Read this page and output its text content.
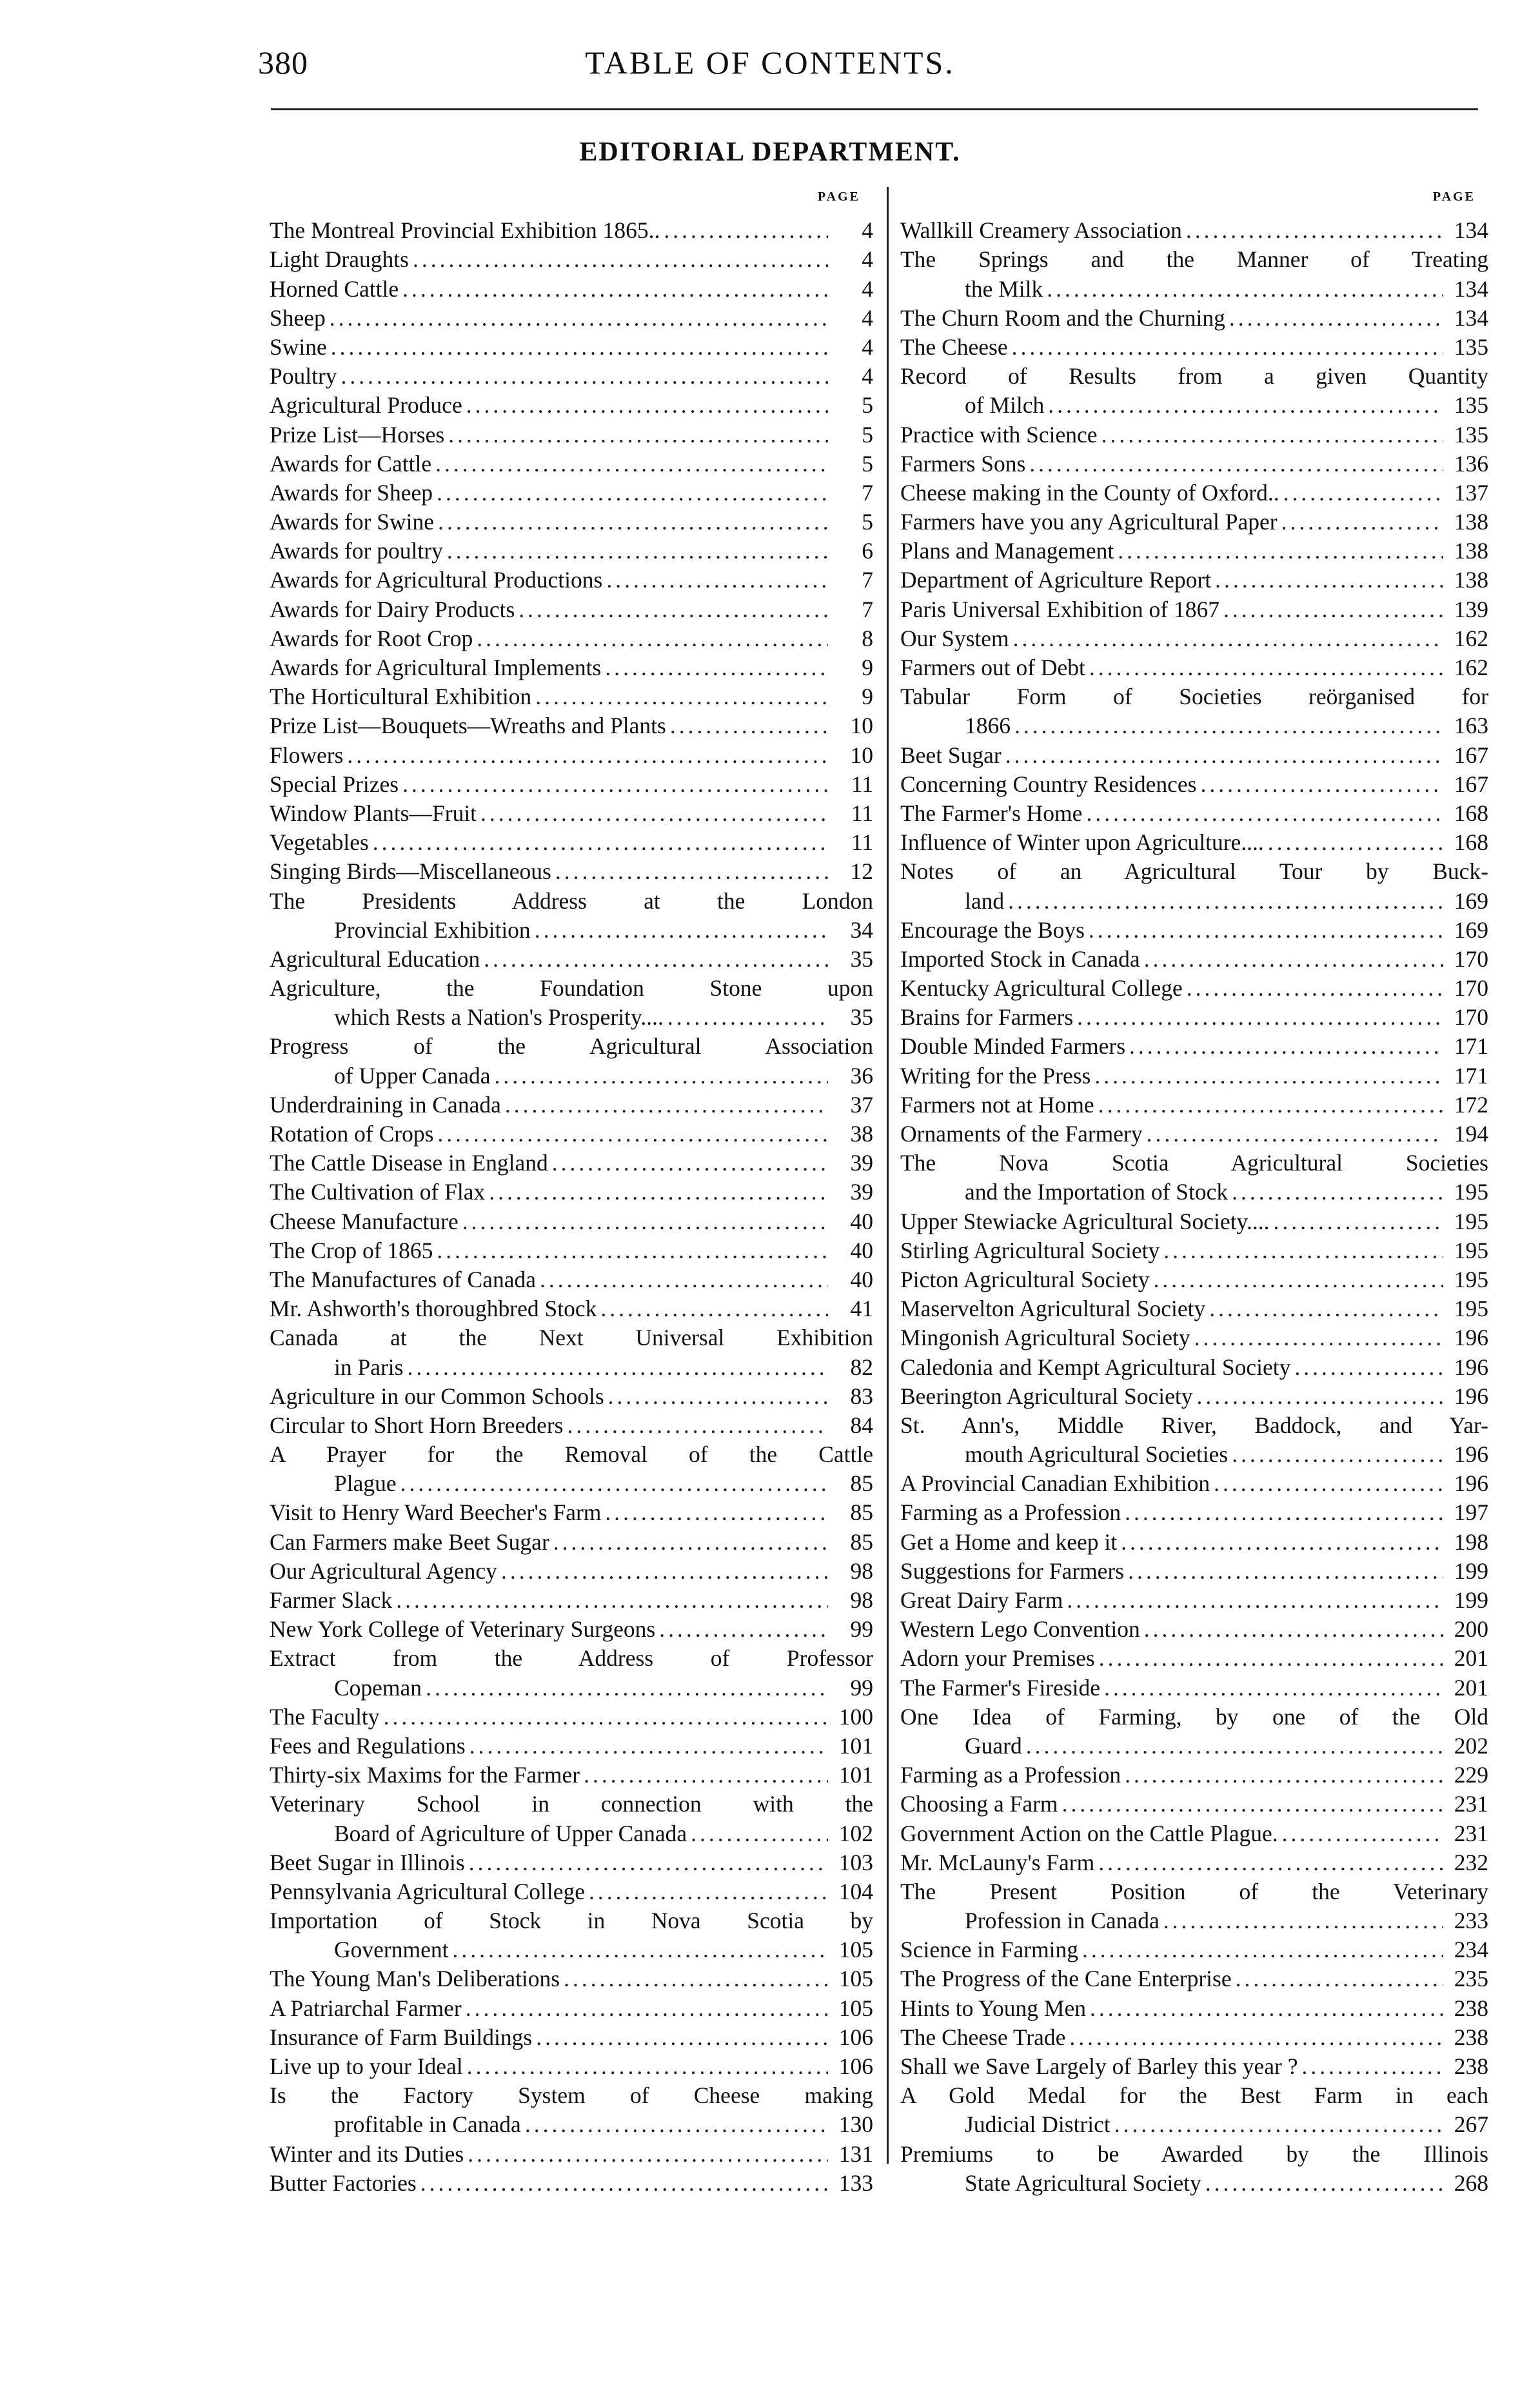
380	TABLE OF CONTENTS.
EDITORIAL DEPARTMENT.
PAGE
The Montreal Provincial Exhibition 1865.. .....	4
Light Draughts .....	4
Horned Cattle .....	4
Sheep .....	4
Swine .....	4
Poultry .....	4
Agricultural Produce .....	5
Prize List—Horses .....	5
Awards for Cattle .....	5
Awards for Sheep .....	7
Awards for Swine .....	5
Awards for poultry .....	6
Awards for Agricultural Productions .....	7
Awards for Dairy Products .....	7
Awards for Root Crop .....	8
Awards for Agricultural Implements .....	9
The Horticultural Exhibition .....	9
Prize List—Bouquets—Wreaths and Plants .....	10
Flowers .....	10
Special Prizes .....	11
Window Plants—Fruit .....	11
Vegetables .....	11
Singing Birds—Miscellaneous .....	12
The Presidents Address at the London
Provincial Exhibition .....	34
Agricultural Education .....	35
Agriculture, the Foundation Stone upon
which Rests a Nation's Prosperity.... .....	35
Progress of the Agricultural Association
of Upper Canada .....	36
Underdraining in Canada .....	37
Rotation of Crops .....	38
The Cattle Disease in England .....	39
The Cultivation of Flax .....	39
Cheese Manufacture .....	40
The Crop of 1865 .....	40
The Manufactures of Canada .....	40
Mr. Ashworth's thoroughbred Stock .....	41
Canada at the Next Universal Exhibition
in Paris .....	82
Agriculture in our Common Schools .....	83
Circular to Short Horn Breeders .....	84
A Prayer for the Removal of the Cattle
Plague .....	85
Visit to Henry Ward Beecher's Farm .....	85
Can Farmers make Beet Sugar .....	85
Our Agricultural Agency .....	98
Farmer Slack .....	98
New York College of Veterinary Surgeons .....	99
Extract from the Address of Professor
Copeman .....	99
The Faculty .....	100
Fees and Regulations .....	101
Thirty-six Maxims for the Farmer .....	101
Veterinary School in connection with the
Board of Agriculture of Upper Canada .....	102
Beet Sugar in Illinois .....	103
Pennsylvania Agricultural College .....	104
Importation of Stock in Nova Scotia by
Government .....	105
The Young Man's Deliberations .....	105
A Patriarchal Farmer .....	105
Insurance of Farm Buildings .....	106
Live up to your Ideal .....	106
Is the Factory System of Cheese making
profitable in Canada .....	130
Winter and its Duties .....	131
Butter Factories .....	133
PAGE
Wallkill Creamery Association .....	134
The Springs and the Manner of Treating
the Milk .....	134
The Churn Room and the Churning .....	134
The Cheese .....	135
Record of Results from a given Quantity
of Milch .....	135
Practice with Science .....	135
Farmers Sons .....	136
Cheese making in the County of Oxford.. .....	137
Farmers have you any Agricultural Paper .....	138
Plans and Management .....	138
Department of Agriculture Report .....	138
Paris Universal Exhibition of 1867 .....	139
Our System .....	162
Farmers out of Debt .....	162
Tabular Form of Societies reörganised for
1866 .....	163
Beet Sugar .....	167
Concerning Country Residences .....	167
The Farmer's Home .....	168
Influence of Winter upon Agriculture.... .....	168
Notes of an Agricultural Tour by Buck-
land .....	169
Encourage the Boys .....	169
Imported Stock in Canada .....	170
Kentucky Agricultural College .....	170
Brains for Farmers .....	170
Double Minded Farmers .....	171
Writing for the Press .....	171
Farmers not at Home .....	172
Ornaments of the Farmery .....	194
The Nova Scotia Agricultural Societies
and the Importation of Stock .....	195
Upper Stewiacke Agricultural Society.... .....	195
Stirling Agricultural Society .....	195
Picton Agricultural Society .....	195
Maservelton Agricultural Society .....	195
Mingonish Agricultural Society .....	196
Caledonia and Kempt Agricultural Society .....	196
Beerington Agricultural Society .....	196
St. Ann's, Middle River, Baddock, and Yar-
mouth Agricultural Societies .....	196
A Provincial Canadian Exhibition .....	196
Farming as a Profession .....	197
Get a Home and keep it .....	198
Suggestions for Farmers .....	199
Great Dairy Farm .....	199
Western Lego Convention .....	200
Adorn your Premises .....	201
The Farmer's Fireside .....	201
One Idea of Farming, by one of the Old
Guard .....	202
Farming as a Profession .....	229
Choosing a Farm .....	231
Government Action on the Cattle Plague. .....	231
Mr. McLauny's Farm .....	232
The Present Position of the Veterinary
Profession in Canada .....	233
Science in Farming .....	234
The Progress of the Cane Enterprise .....	235
Hints to Young Men .....	238
The Cheese Trade .....	238
Shall we Save Largely of Barley this year ? .....	238
A Gold Medal for the Best Farm in each
Judicial District .....	267
Premiums to be Awarded by the Illinois
State Agricultural Society .....	268
